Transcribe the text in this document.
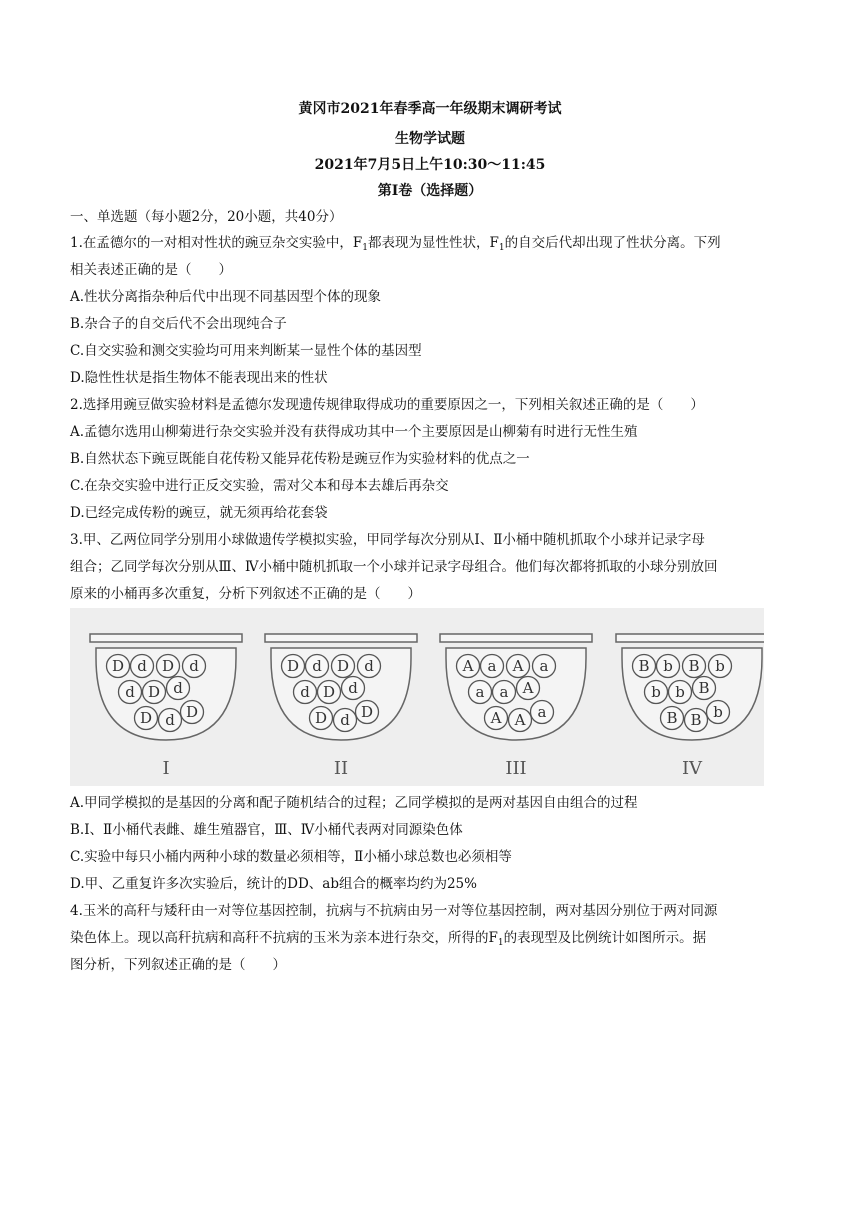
黄冈市2021年春季高一年级期末调研考试
生物学试题
2021年7月5日上午10:30～11:45
第Ⅰ卷（选择题）
一、单选题（每小题2分，20小题，共40分）
1.在孟德尔的一对相对性状的豌豆杂交实验中，$F_1$都表现为显性性状，$F_1$的自交后代却出现了性状分离。下列
相关表述正确的是（　　）
A.性状分离指杂种后代中出现不同基因型个体的现象
B.杂合子的自交后代不会出现纯合子
C.自交实验和测交实验均可用来判断某一显性个体的基因型
D.隐性性状是指生物体不能表现出来的性状
2.选择用豌豆做实验材料是孟德尔发现遗传规律取得成功的重要原因之一，下列相关叙述正确的是（　　）
A.孟德尔选用山柳菊进行杂交实验并没有获得成功其中一个主要原因是山柳菊有时进行无性生殖
B.自然状态下豌豆既能自花传粉又能异花传粉是豌豆作为实验材料的优点之一
C.在杂交实验中进行正反交实验，需对父本和母本去雄后再杂交
D.已经完成传粉的豌豆，就无须再给花套袋
3.甲、乙两位同学分别用小球做遗传学模拟实验，甲同学每次分别从Ⅰ、Ⅱ小桶中随机抓取个小球并记录字母
组合；乙同学每次分别从Ⅲ、Ⅳ小桶中随机抓取一个小球并记录字母组合。他们每次都将抓取的小球分别放回
原来的小桶再多次重复，分析下列叙述不正确的是（　　）
D d D d
d D d
D d D
I
D d D d
d D d
D d D
II
A a A a
a a A
A A a
III
B b B b
b b B
B B b
IV
A.甲同学模拟的是基因的分离和配子随机结合的过程；乙同学模拟的是两对基因自由组合的过程
B.Ⅰ、Ⅱ小桶代表雌、雄生殖器官，Ⅲ、Ⅳ小桶代表两对同源染色体
C.实验中每只小桶内两种小球的数量必须相等，Ⅱ小桶小球总数也必须相等
D.甲、乙重复许多次实验后，统计的DD、ab组合的概率均约为25%
4.玉米的高秆与矮秆由一对等位基因控制，抗病与不抗病由另一对等位基因控制，两对基因分别位于两对同源
染色体上。现以高秆抗病和高秆不抗病的玉米为亲本进行杂交，所得的$F_1$的表现型及比例统计如图所示。据
图分析，下列叙述正确的是（　　）
